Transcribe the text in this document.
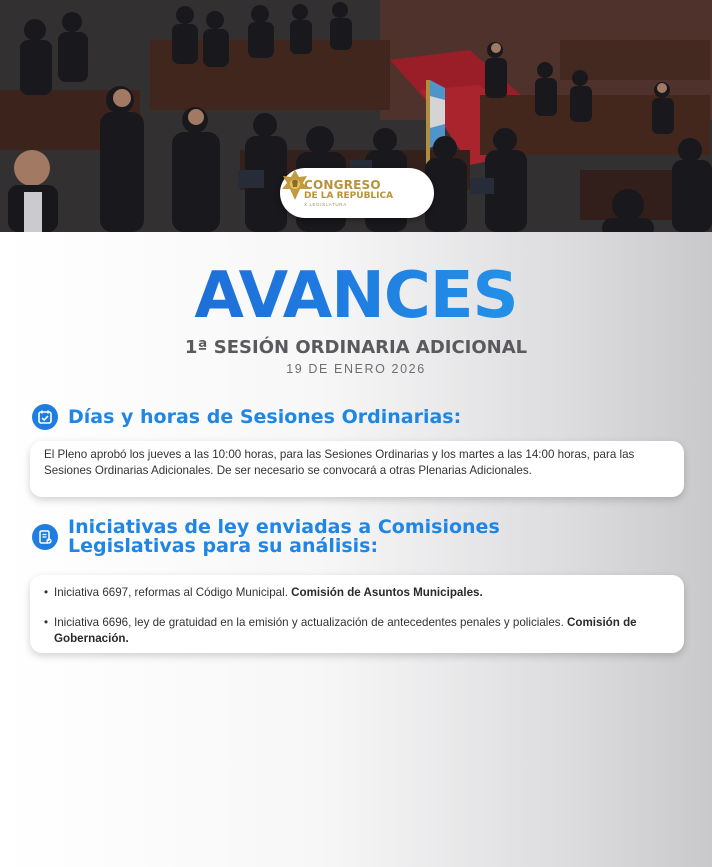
CONGRESO
DE LA REPÚBLICA
X LEGISLATURA
AVANCES
1ª SESIÓN ORDINARIA ADICIONAL
19 DE ENERO 2026
Días y horas de Sesiones Ordinarias:

El Pleno aprobó los jueves a las 10:00 horas, para las Sesiones Ordinarias y los martes a las 14:00 horas, para las Sesiones Ordinarias Adicionales. De ser necesario se convocará a otras Plenarias Adicionales.

Iniciativas de ley enviadas a Comisiones
Legislativas para su análisis:
• Iniciativa 6697, reformas al Código Municipal. Comisión de Asuntos Municipales.
• Iniciativa 6696, ley de gratuidad en la emisión y actualización de antecedentes penales y policiales. Comisión de Gobernación.
